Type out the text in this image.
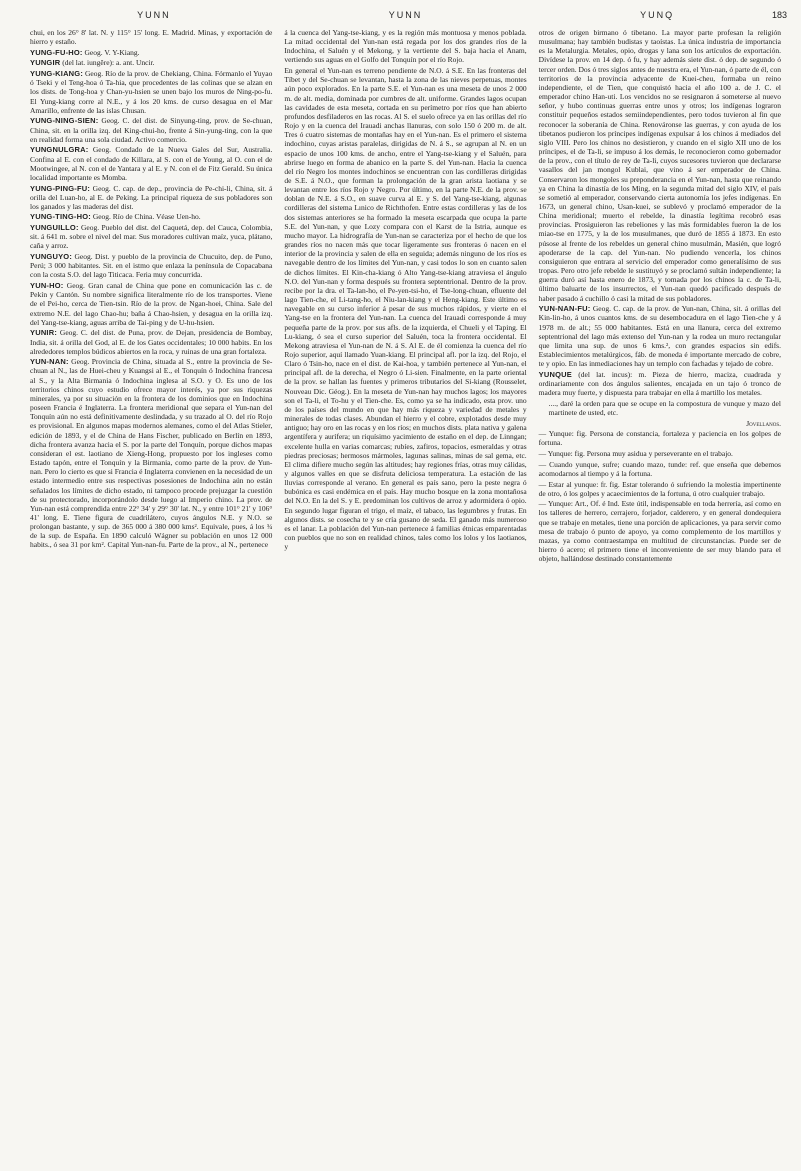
YUNN	YUNN	YUNQ	183

chui, en los 26° 8' lat. N. y 115° 15' long. E. Madrid. Minas, y exportación de hierro y estaño.

YUNG-FU-HO: Geog. V. Y-Kiang.

YUNGIR (del lat. iungĕre): a. ant. Uncir.

YUNG-KIANG: Geog. Río de la prov. de Chekiang, China. Fórmanlo el Yuyao ó Tseki y el Teng-hoa ó Ta-hia, que procedentes de las colinas que se alzan en los dists. de Tong-hoa y Chan-yu-hsien se unen bajo los muros de Ning-po-fu. El Yung-kiang corre al N.E., y á los 20 kms. de curso desagua en el Mar Amarillo, enfrente de las islas Chusan.

YUNG-NING-SIEN: Geog. C. del dist. de Sinyung-ting, prov. de Se-chuan, China, sit. en la orilla izq. del King-chui-ho, frente á Sin-yung-ting, con la que en realidad forma una sola ciudad. Activo comercio.

YUNGNULGRA: Geog. Condado de la Nueva Gales del Sur, Australia. Confina al E. con el condado de Killara, al S. con el de Young, al O. con el de Mootwingee, al N. con el de Yantara y al E. y N. con el de Fitz Gerald. Su única localidad importante es Momba.

YUNG-PING-FU: Geog. C. cap. de dep., provincia de Pe-chi-li, China, sit. á orilla del Luan-ho, al E. de Peking. La principal riqueza de sus pobladores son los ganados y las maderas del dist.

YUNG-TING-HO: Geog. Río de China. Véase Uen-ho.

YUNGUILLO: Geog. Pueblo del dist. del Caquetá, dep. del Cauca, Colombia, sit. á 641 m. sobre el nivel del mar. Sus moradores cultivan maíz, yuca, plátano, caña y arroz.

YUNGUYO: Geog. Dist. y pueblo de la provincia de Chucuito, dep. de Puno, Perú; 3 000 habitantes. Sit. en el istmo que enlaza la península de Copacabana con la costa S.O. del lago Titicaca. Feria muy concurrida.

YUN-HO: Geog. Gran canal de China que pone en comunicación las c. de Pekín y Cantón. Su nombre significa literalmente río de los transportes. Viene de el Pei-ho, cerca de Tien-tsin. Río de la prov. de Ngan-hoei, China. Sale del extremo N.E. del lago Chao-hu; baña á Chao-hsien, y desagua en la orilla izq. del Yang-tse-kiang, aguas arriba de Tai-ping y de U-hu-hsien.

YUNIR: Geog. C. del dist. de Puna, prov. de Dejan, presidencia de Bombay, India, sit. á orilla del God, al E. de los Gates occidentales; 10 000 habits. En los alrededores templos búdicos abiertos en la roca, y ruinas de una gran fortaleza.

YUN-NAN: Geog. Provincia de China, situada al S., entre la provincia de Se-chuan al N., las de Huei-cheu y Kuangsi al E., el Tonquín ó Indochina francesa al S., y la Alta Birmania ó Indochina inglesa al S.O. y O. Es uno de los territorios chinos cuyo estudio ofrece mayor interés, ya por sus riquezas minerales, ya por su situación en la frontera de los dominios que en Indochina poseen Francia é Inglaterra. La frontera meridional que separa el Yun-nan del Tonquín aún no está definitivamente deslindada, y su trazado al O. del río Rojo es provisional. En algunos mapas modernos alemanes, como el del Atlas Stieler, edición de 1893, y el de China de Hans Fischer, publicado en Berlín en 1893, dicha frontera avanza hacia el S. por la parte del Tonquín, porque dichos mapas consideran el est. laotiano de Xieng-Hong, propuesto por los ingleses como Estado tapón, entre el Tonquín y la Birmania, como parte de la prov. de Yun-nan. Pero lo cierto es que si Francia é Inglaterra convienen en la necesidad de un estado intermedio entre sus respectivas posesiones de Indochina aún no están señalados los límites de dicho estado, ni tampoco procede prejuzgar la cuestión de su protectorado, incorporándolo desde luego al Imperio chino. La prov. de Yun-nan está comprendida entre 22° 34' y 29° 30' lat. N., y entre 101° 21' y 106° 41' long. E. Tiene figura de cuadrilátero, cuyos ángulos N.E. y N.O. se prolongan bastante, y sup. de 365 000 á 380 000 kms². Equivale, pues, á los ¾ de la sup. de España. En 1890 calculó Wágner su población en unos 12 000 habits., ó sea 31 por km². Capital Yun-nan-fu. Parte de la prov., al N., pertenece

á la cuenca del Yang-tse-kiang, y es la región más montuosa y menos poblada. La mitad occidental del Yun-nan está regada por los dos grandes ríos de la Indochina, el Saluén y el Mekong, y la vertiente del S. baja hacia el Anam, vertiendo sus aguas en el Golfo del Tonquín por el río Rojo.

En general el Yun-nan es terreno pendiente de N.O. á S.E. En las fronteras del Tíbet y del Se-chuan se levantan, hasta la zona de las nieves perpetuas, montes aún poco explorados. En la parte S.E. el Yun-nan es una meseta de unos 2 000 m. de alt. media, dominada por cumbres de alt. uniforme. Grandes lagos ocupan las cavidades de esta meseta, cortada en su perímetro por ríos que han abierto profundos desfiladeros en las rocas. Al S. el suelo ofrece ya en las orillas del río Rojo y en la cuenca del Irauadi anchas llanuras, con solo 150 ó 200 m. de alt. Tres ó cuatro sistemas de montañas hay en el Yun-nan. Es el primero el sistema indochino, cuyas aristas paralelas, dirigidas de N. á S., se agrupan al N. en un espacio de unos 100 kms. de ancho, entre el Yang-tse-kiang y el Saluén, para abrirse luego en forma de abanico en la parte S. del Yun-nan. Hacia la cuenca del río Negro los montes indochinos se encuentran con las cordilleras dirigidas de S.E. á N.O., que forman la prolongación de la gran arista laotiana y se levantan entre los ríos Rojo y Negro. Por último, en la parte N.E. de la prov. se doblan de N.E. á S.O., en suave curva al E. y S. del Yang-tse-kiang, algunas cordilleras del sistema Lınico de Richthofen. Entre estas cordilleras y las de los dos sistemas anteriores se ha formado la meseta escarpada que ocupa la parte S.E. del Yun-nan, y que Lozy compara con el Karst de la Istria, aunque es mucho mayor. La hidrografía de Yun-nan se caracteriza por el hecho de que los grandes ríos no nacen más que tocar ligeramente sus fronteras ó nacen en el interior de la provincia y salen de ella en seguida; además ninguno de los ríos es navegable dentro de los límites del Yun-nan, y casi todos lo son en cuanto salen de dichos límites. El Kin-cha-kiang ó Alto Yang-tse-kiang atraviesa el ángulo N.O. del Yun-nan y forma después su frontera septentrional. Dentro de la prov. recibe por la dra. el Ta-lan-ho, el Pe-yen-tsi-ho, el Tse-long-chuan, efluente del lago Tien-che, el Li-tang-ho, el Niu-lan-kiang y el Heng-kiang. Este último es navegable en su curso inferior á pesar de sus muchos rápidos, y vierte en el Yang-tse en la frontera del Yun-nan. La cuenca del Irauadi corresponde á muy pequeña parte de la prov. por sus afls. de la izquierda, el Chueli y el Taping. El Lu-kiang, ó sea el curso superior del Saluén, toca la frontera occidental. El Mekong atraviesa el Yun-nan de N. á S. Al E. de él comienza la cuenca del río Rojo superior, aquí llamado Yuan-kiang. El principal afl. por la izq. del Rojo, el Claro ó Tsin-ho, nace en el dist. de Kai-hoa, y también pertenece al Yun-nan, el principal afl. de la derecha, el Negro ó Li-sien. Finalmente, en la parte oriental de la prov. se hallan las fuentes y primeros tributarios del Si-kiang (Rousselet, Nouveau Dic. Géog.). En la meseta de Yun-nan hay muchos lagos; los mayores son el Ta-li, el To-hu y el Tien-che. Es, como ya se ha indicado, esta prov. uno de los países del mundo en que hay más riqueza y variedad de metales y minerales de todas clases. Abundan el hierro y el cobre, explotados desde muy antiguo; hay oro en las rocas y en los ríos; en muchos dists. plata nativa y galena argentífera y aurífera; un riquísimo yacimiento de estaño en el dep. de Linngan; excelente hulla en varias comarcas; rubíes, zafiros, topacios, esmeraldas y otras piedras preciosas; hermosos mármoles, lagunas salinas, minas de sal gema, etc. El clima difiere mucho según las altitudes; hay regiones frías, otras muy cálidas, y algunos valles en que se disfruta deliciosa temperatura. La estación de las lluvias corresponde al verano. En general es país sano, pero la peste negra ó bubónica es casi endémica en el país. Hay mucho bosque en la zona montañosa del N.O. En la del S. y E. predominan los cultivos de arroz y adormidera ó opio. En segundo lugar figuran el trigo, el maíz, el tabaco, las legumbres y frutas. En algunos dists. se cosecha te y se cría gusano de seda. El ganado más numeroso es el lanar. La población del Yun-nan pertenece á familias étnicas emparentadas con pueblos que no son en realidad chinos, tales como los lolos y los laotianos, y

otros de origen birmano ó tibetano. La mayor parte profesan la religión musulmana; hay también budistas y taoístas. La única industria de importancia es la Metalurgia. Metales, opio, drogas y lana son los artículos de exportación. Divídese la prov. en 14 dep. ó fu, y hay además siete dist. ó dep. de segundo ó tercer orden. Dos ó tres siglos antes de nuestra era, el Yun-nan, ó parte de él, con territorios de la provincia adyacente de Kuei-cheu, formaba un reino independiente, el de Tien, que conquistó hacia el año 100 a. de J. C. el emperador chino Han-uti. Los vencidos no se resignaron á someterse al nuevo señor, y hubo continuas guerras entre unos y otros; los indígenas lograron constituir pequeños estados semiindependientes, pero todos tuvieron al fin que reconocer la soberanía de China. Renováronse las guerras, y con ayuda de los tibetanos pudieron los príncipes indígenas expulsar á los chinos á mediados del siglo VIII. Pero los chinos no desistieron, y cuando en el siglo XII uno de los príncipes, el de Ta-li, se impuso á los demás, le reconocieron como gobernador de la prov., con el título de rey de Ta-li, cuyos sucesores tuvieron que declararse vasallos del jan mongol Kublai, que vino á ser emperador de China. Conservaron los mongoles su preponderancia en el Yun-nan, hasta que reinando ya en China la dinastía de los Ming, en la segunda mitad del siglo XIV, el país se sometió al emperador, conservando cierta autonomía los jefes indígenas. En 1673, un general chino, Usan-kuei, se sublevó y proclamó emperador de la China meridional; muerto el rebelde, la dinastía legítima recobró esas provincias. Prosiguieron las rebeliones y las más formidables fueron la de los miao-tse en 1775, y la de los musulmanes, que duró de 1855 á 1873. En esto púsose al frente de los rebeldes un general chino musulmán, Masién, que logró apoderarse de la cap. del Yun-nan. No pudiendo vencerla, los chinos consiguieron que entrara al servicio del emperador como generalísimo de sus tropas. Pero otro jefe rebelde le sustituyó y se proclamó sultán independiente; la guerra duró así hasta enero de 1873, y tomada por los chinos la c. de Ta-li, último baluarte de los insurrectos, el Yun-nan quedó pacificado después de haber pasado á cuchillo ó casi la mitad de sus pobladores.

YUN-NAN-FU: Geog. C. cap. de la prov. de Yun-nan, China, sit. á orillas del Kin-lin-ho, á unos cuantos kms. de su desembocadura en el lago Tien-che y á 1978 m. de alt.; 55 000 habitantes. Está en una llanura, cerca del extremo septentrional del lago más extenso del Yun-nan y la rodea un muro rectangular que limita una sup. de unos 6 kms.², con grandes espacios sin edifs. Establecimientos metalúrgicos, fáb. de moneda é importante mercado de cobre, te y opio. En las inmediaciones hay un templo con fachadas y tejado de cobre.

YUNQUE (del lat. incus): m. Pieza de hierro, maciza, cuadrada y ordinariamente con dos ángulos salientes, encajada en un tajo ó tronco de madera muy fuerte, y dispuesta para trabajar en ella á martillo los metales.

...., daré la orden para que se ocupe en la compostura de vunque y mazo del martinete de usted, etc.

Jovellanos.

— Yunque: fig. Persona de constancia, fortaleza y paciencia en los golpes de fortuna.

— Yunque: fig. Persona muy asidua y perseverante en el trabajo.

— Cuando yunque, sufre; cuando mazo, tunde: ref. que enseña que debemos acomodarnos al tiempo y á la fortuna.

— Estar al yunque: fr. fig. Estar tolerando ó sufriendo la molestia impertinente de otro, ó los golpes y acaecimientos de la fortuna, ú otro cualquier trabajo.

— Yunque: Art., Of. é Ind. Este útil, indispensable en toda herrería, así como en los talleres de herrero, cerrajero, forjador, calderero, y en general dondequiera que se trabaje en metales, tiene una porción de aplicaciones, ya para servir como mesa de trabajo ó punto de apoyo, ya como complemento de los martillos y mazas, ya como contraestampa en multitud de circunstancias. Puede ser de hierro ó acero; el primero tiene el inconveniente de ser muy blando para el objeto, hallándose destinado constantemente
